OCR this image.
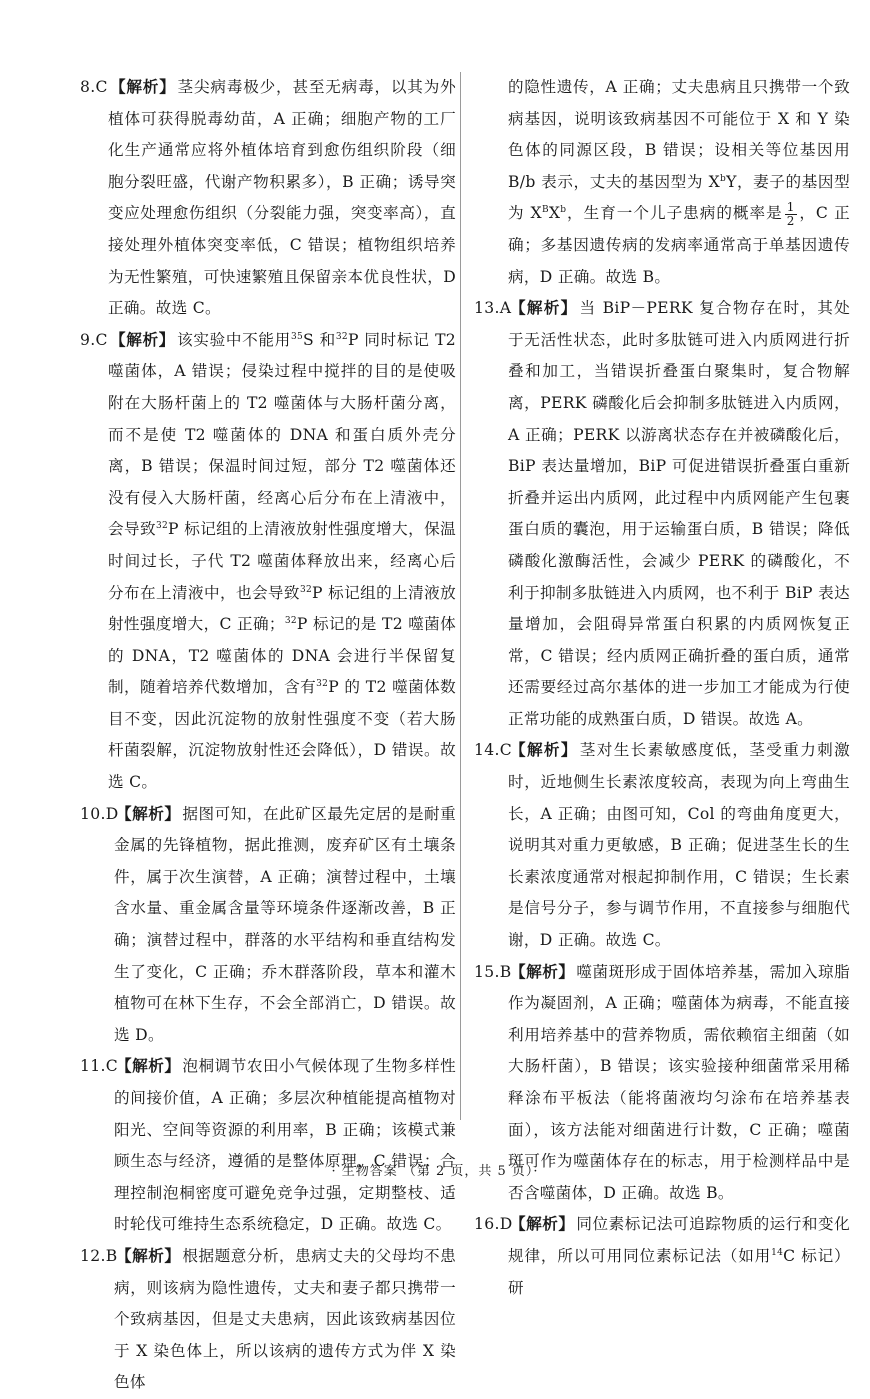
8.C 【解析】 茎尖病毒极少，甚至无病毒，以其为外植体可获得脱毒幼苗，A 正确；细胞产物的工厂化生产通常应将外植体培育到愈伤组织阶段（细胞分裂旺盛，代谢产物积累多），B 正确；诱导突变应处理愈伤组织（分裂能力强，突变率高），直接处理外植体突变率低，C 错误；植物组织培养为无性繁殖，可快速繁殖且保留亲本优良性状，D 正确。故选 C。

9.C 【解析】 该实验中不能用$^{35}$S 和$^{32}$P 同时标记 T2 噬菌体，A 错误；侵染过程中搅拌的目的是使吸附在大肠杆菌上的 T2 噬菌体与大肠杆菌分离，而不是使 T2 噬菌体的 DNA 和蛋白质外壳分离，B 错误；保温时间过短，部分 T2 噬菌体还没有侵入大肠杆菌，经离心后分布在上清液中，会导致$^{32}$P 标记组的上清液放射性强度增大，保温时间过长，子代 T2 噬菌体释放出来，经离心后分布在上清液中，也会导致$^{32}$P 标记组的上清液放射性强度增大，C 正确；$^{32}$P 标记的是 T2 噬菌体的 DNA，T2 噬菌体的 DNA 会进行半保留复制，随着培养代数增加，含有$^{32}$P 的 T2 噬菌体数目不变，因此沉淀物的放射性强度不变（若大肠杆菌裂解，沉淀物放射性还会降低），D 错误。故选 C。

10.D
【解析】 据图可知，在此矿区最先定居的是耐重金属的先锋植物，据此推测，废弃矿区有土壤条件，属于次生演替，A 正确；演替过程中，土壤含水量、重金属含量等环境条件逐渐改善，B 正确；演替过程中，群落的水平结构和垂直结构发生了变化，C 正确；乔木群落阶段，草本和灌木植物可在林下生存，不会全部消亡，D 错误。故选 D。

11.C
【解析】 泡桐调节农田小气候体现了生物多样性的间接价值，A 正确；多层次种植能提高植物对阳光、空间等资源的利用率，B 正确；该模式兼顾生态与经济，遵循的是整体原理，C 错误；合理控制泡桐密度可避免竞争过强，定期整枝、适时轮伐可维持生态系统稳定，D 正确。故选 C。

12.B
【解析】 根据题意分析，患病丈夫的父母均不患病，则该病为隐性遗传，丈夫和妻子都只携带一个致病基因，但是丈夫患病，因此该致病基因位于 X 染色体上，所以该病的遗传方式为伴 X 染色体

的隐性遗传，A 正确；丈夫患病且只携带一个致病基因，说明该致病基因不可能位于 X 和 Y 染色体的同源区段，B 错误；设相关等位基因用 B/b 表示，丈夫的基因型为 $X^bY$，妻子的基因型为 $X^BX^b$，生育一个儿子患病的概率是 $\frac{1}{2}$ ，C 正确；多基因遗传病的发病率通常高于单基因遗传病，D 正确。故选 B。

13.A
【解析】 当 BiP－PERK 复合物存在时，其处于无活性状态，此时多肽链可进入内质网进行折叠和加工，当错误折叠蛋白聚集时，复合物解离，PERK 磷酸化后会抑制多肽链进入内质网，A 正确；PERK 以游离状态存在并被磷酸化后，BiP 表达量增加，BiP 可促进错误折叠蛋白重新折叠并运出内质网，此过程中内质网能产生包裹蛋白质的囊泡，用于运输蛋白质，B 错误；降低磷酸化激酶活性，会减少 PERK 的磷酸化，不利于抑制多肽链进入内质网，也不利于 BiP 表达量增加，会阻碍异常蛋白积累的内质网恢复正常，C 错误；经内质网正确折叠的蛋白质，通常还需要经过高尔基体的进一步加工才能成为行使正常功能的成熟蛋白质，D 错误。故选 A。

14.C
【解析】 茎对生长素敏感度低，茎受重力刺激时，近地侧生长素浓度较高，表现为向上弯曲生长，A 正确；由图可知，Col 的弯曲角度更大，说明其对重力更敏感，B 正确；促进茎生长的生长素浓度通常对根起抑制作用，C 错误；生长素是信号分子，参与调节作用，不直接参与细胞代谢，D 正确。故选 C。

15.B
【解析】 噬菌斑形成于固体培养基，需加入琼脂作为凝固剂，A 正确；噬菌体为病毒，不能直接利用培养基中的营养物质，需依赖宿主细菌（如大肠杆菌），B 错误；该实验接种细菌常采用稀释涂布平板法（能将菌液均匀涂布在培养基表面），该方法能对细菌进行计数，C 正确；噬菌斑可作为噬菌体存在的标志，用于检测样品中是否含噬菌体，D 正确。故选 B。

16.D
【解析】 同位素标记法可追踪物质的运行和变化规律，所以可用同位素标记法（如用$^{14}$C 标记）研

· 生物答案 （第 2 页，共 5 页）·
